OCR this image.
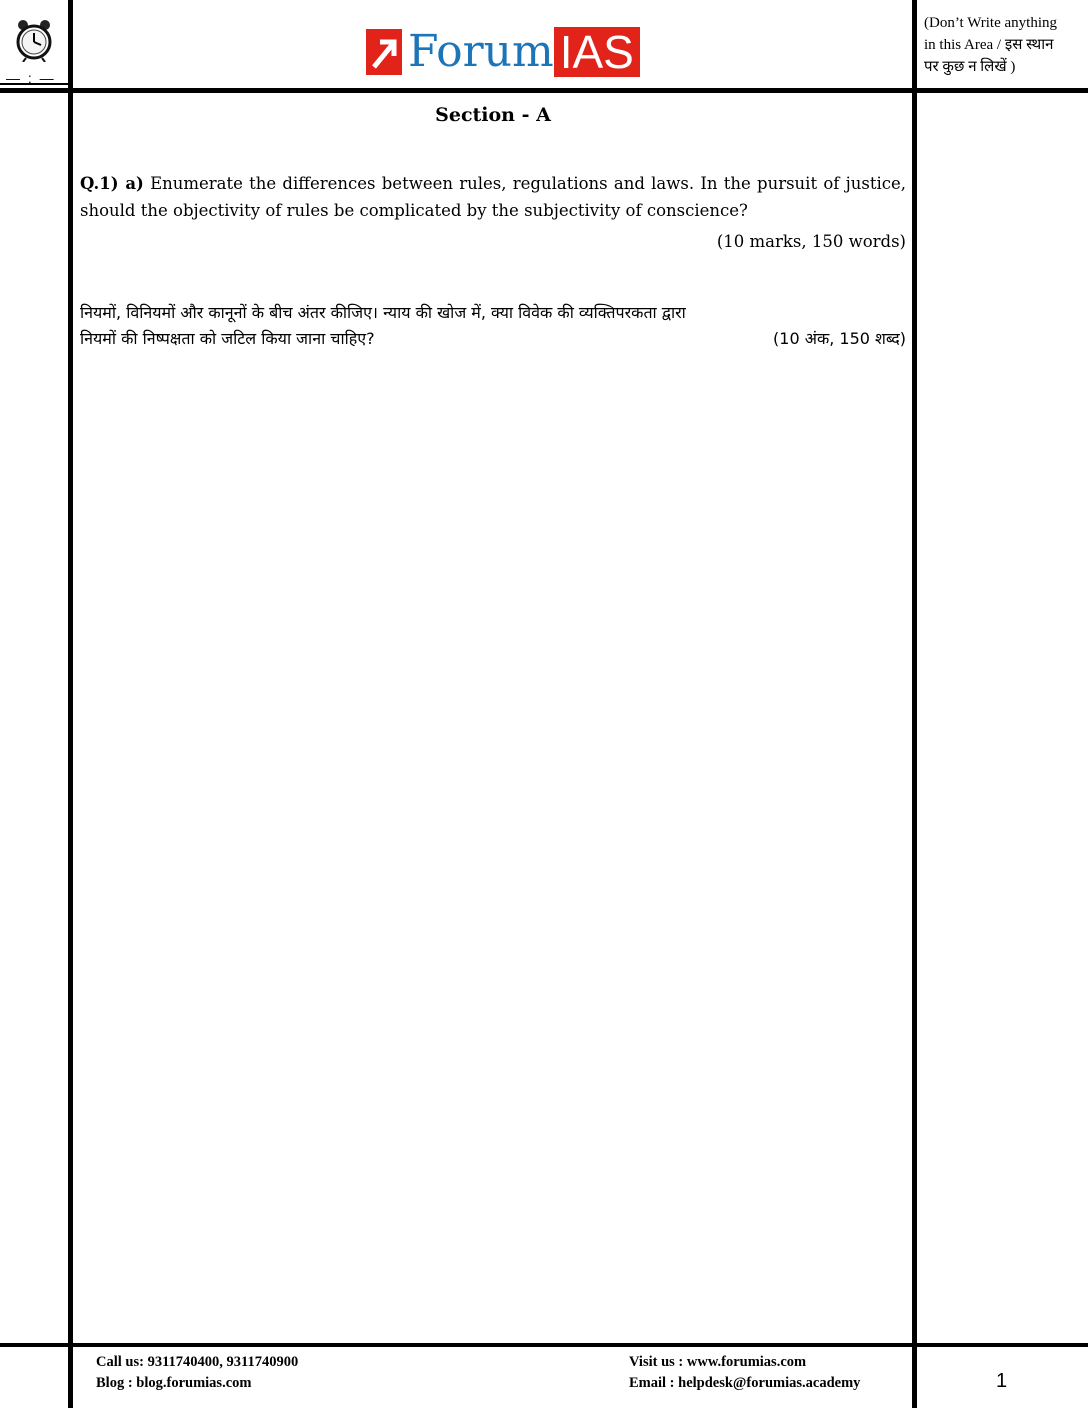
— : —
Forum IAS
(Don’t Write anything
in this Area / इस स्थान
पर कुछ न लिखें )
Section - A
Q.1) a) Enumerate the differences between rules, regulations and laws. In the pursuit of justice, should the objectivity of rules be complicated by the subjectivity of conscience?
(10 marks, 150 words)
नियमों, विनियमों और कानूनों के बीच अंतर कीजिए। न्याय की खोज में, क्या विवेक की व्यक्तिपरकता द्वारा
नियमों की निष्पक्षता को जटिल किया जाना चाहिए?	(10 अंक, 150 शब्द)
Call us: 9311740400, 9311740900
Blog : blog.forumias.com
Visit us : www.forumias.com
Email : helpdesk@forumias.academy	1
